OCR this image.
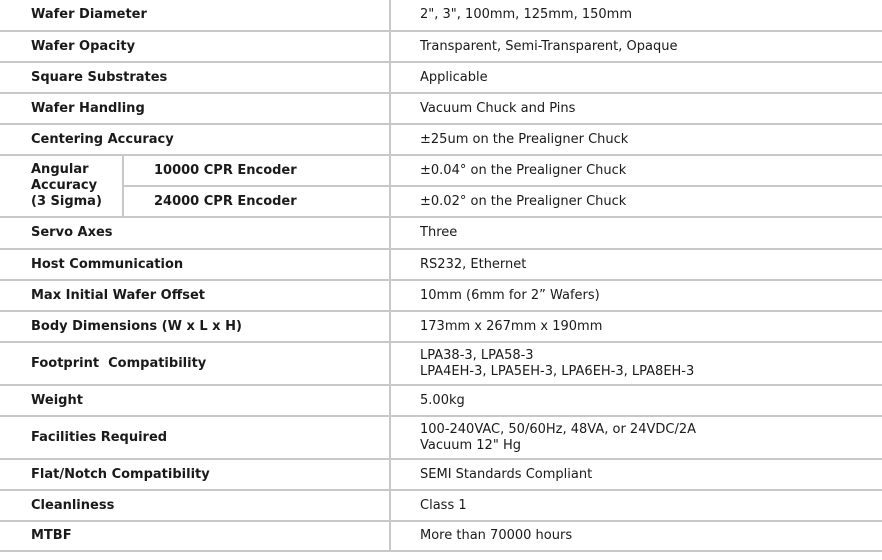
Wafer Diameter		2", 3", 100mm, 125mm, 150mm
Wafer Opacity		Transparent, Semi-Transparent, Opaque
Square Substrates		Applicable
Wafer Handling		Vacuum Chuck and Pins
Centering Accuracy		±25um on the Prealigner Chuck

Angular
Accuracy
(3 Sigma)	10000 CPR Encoder	±0.04° on the Prealigner Chuck
	24000 CPR Encoder	±0.02° on the Prealigner Chuck
Servo Axes		Three
Host Communication		RS232, Ethernet
Max Initial Wafer Offset		10mm (6mm for 2” Wafers)
Body Dimensions (W x L x H)		173mm x 267mm x 190mm
Footprint  Compatibility		LPA38-3, LPA58-3
LPA4EH-3, LPA5EH-3, LPA6EH-3, LPA8EH-3

Weight		5.00kg
Facilities Required		100-240VAC, 50/60Hz, 48VA, or 24VDC/2A
Vacuum 12" Hg

Flat/Notch Compatibility		SEMI Standards Compliant
Cleanliness		Class 1
MTBF		More than 70000 hours
